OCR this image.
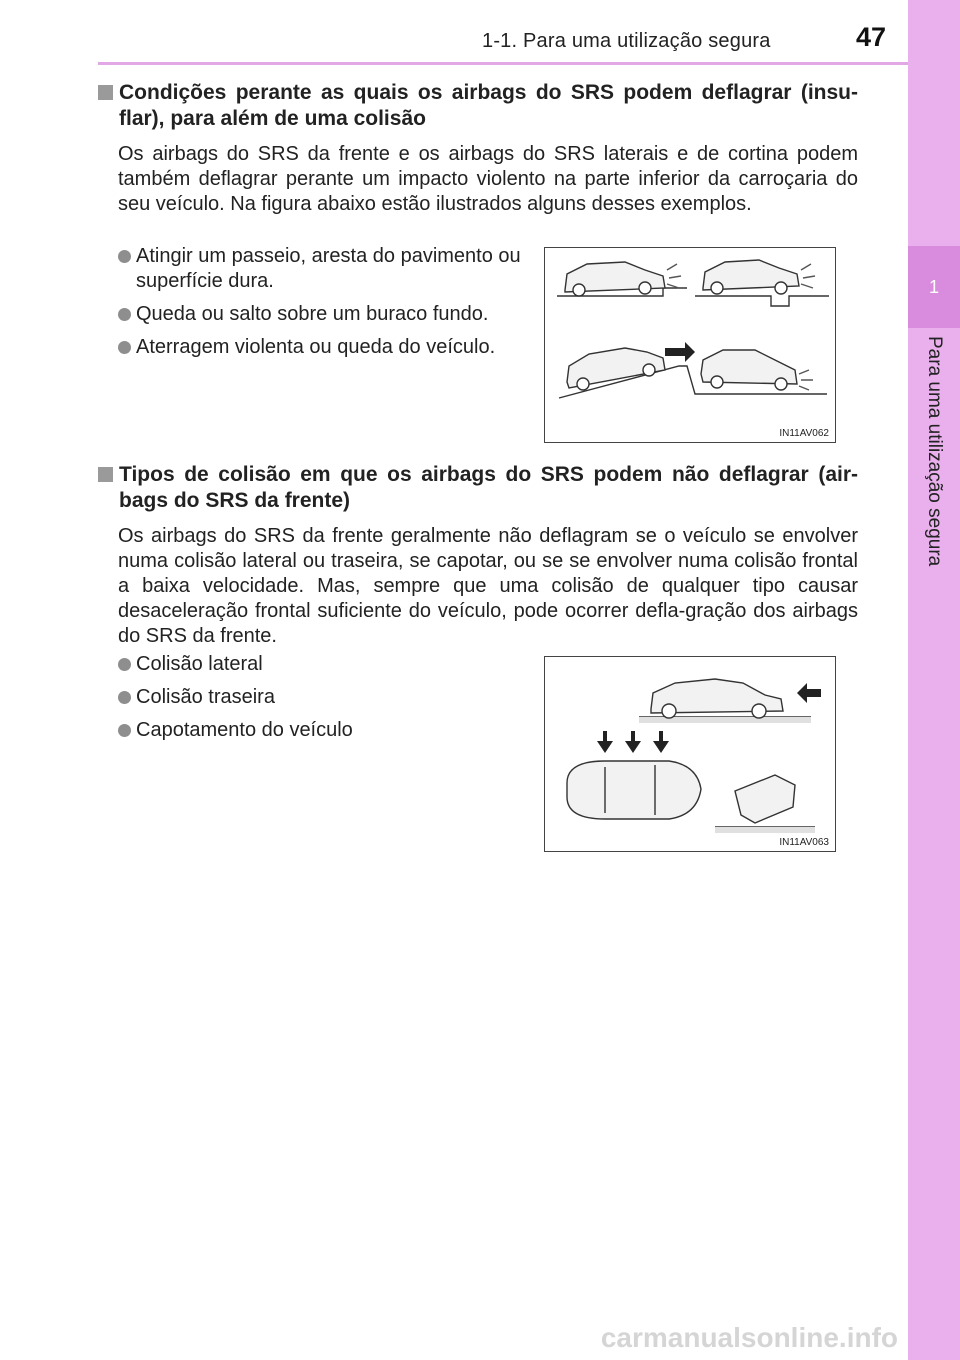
1-1. Para uma utilização segura	47
1
Para uma utilização segura
Condições perante as quais os airbags do SRS podem deflagrar (insu-flar), para além de uma colisão
Os airbags do SRS da frente e os airbags do SRS laterais e de cortina podem também deflagrar perante um impacto violento na parte inferior da carroçaria do seu veículo. Na figura abaixo estão ilustrados alguns desses exemplos.
Atingir um passeio, aresta do pavimento ou superfície dura.
Queda ou salto sobre um buraco fundo.
Aterragem violenta ou queda do veículo.
IN11AV062
Tipos de colisão em que os airbags do SRS podem não deflagrar (air-bags do SRS da frente)
Os airbags do SRS da frente geralmente não deflagram se o veículo se envolver numa colisão lateral ou traseira, se capotar, ou se se envolver numa colisão frontal a baixa velocidade. Mas, sempre que uma colisão de qualquer tipo causar desaceleração frontal suficiente do veículo, pode ocorrer defla-gração dos airbags do SRS da frente.
Colisão lateral
Colisão traseira
Capotamento do veículo
IN11AV063
carmanualsonline.info
